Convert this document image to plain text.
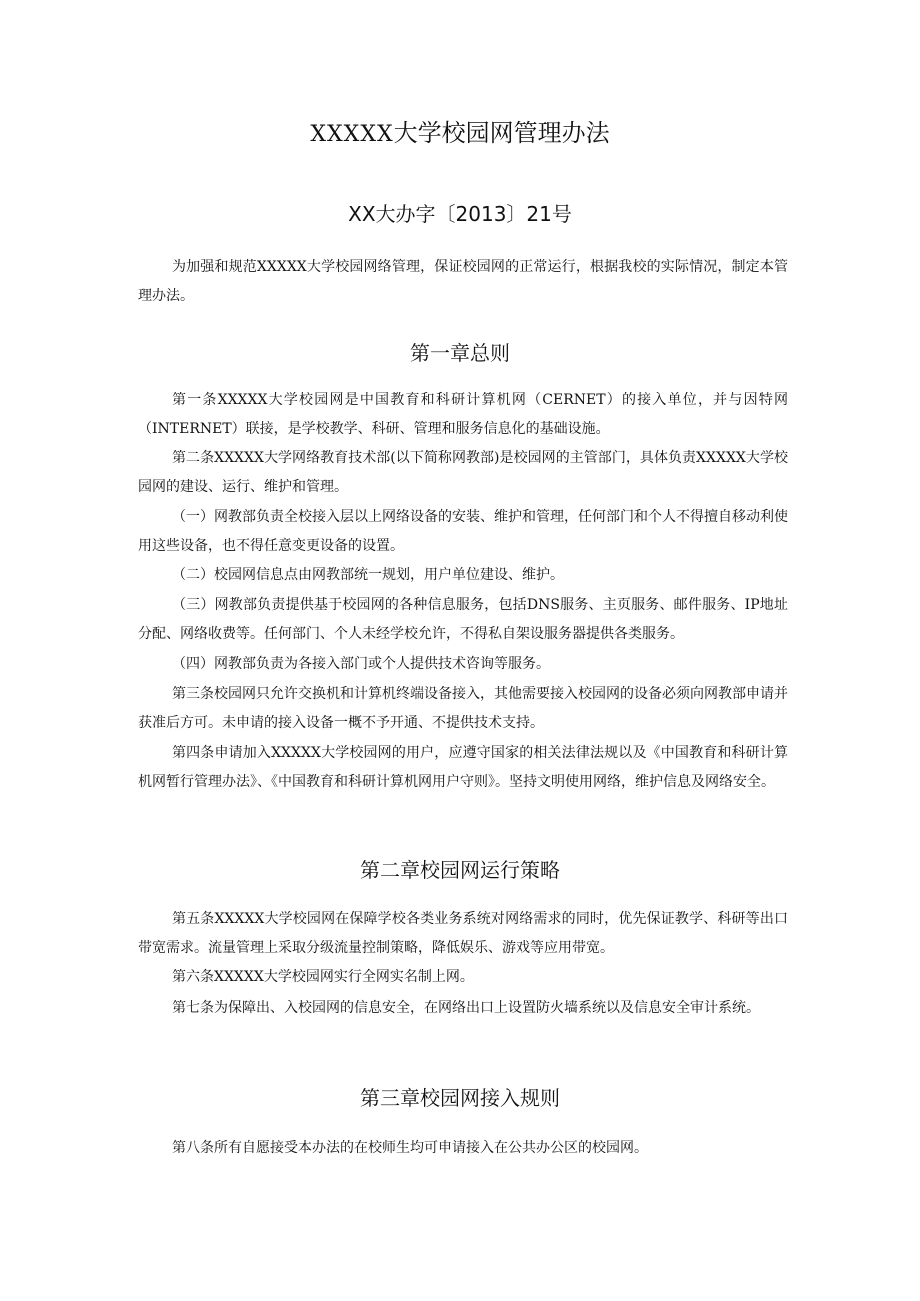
XXXXX大学校园网管理办法
XX大办字〔2013〕21号

为加强和规范XXXXX大学校园网络管理，保证校园网的正常运行，根据我校的实际情况，制定本管理办法。

第一章总则

第一条XXXXX大学校园网是中国教育和科研计算机网（CERNET）的接入单位，并与因特网（INTERNET）联接，是学校教学、科研、管理和服务信息化的基础设施。

第二条XXXXX大学网络教育技术部(以下简称网教部)是校园网的主管部门，具体负责XXXXX大学校园网的建设、运行、维护和管理。

（一）网教部负责全校接入层以上网络设备的安装、维护和管理，任何部门和个人不得擅自移动利使用这些设备，也不得任意变更设备的设置。

（二）校园网信息点由网教部统一规划，用户单位建设、维护。

（三）网教部负责提供基于校园网的各种信息服务，包括DNS服务、主页服务、邮件服务、IP地址分配、网络收费等。任何部门、个人未经学校允许，不得私自架设服务器提供各类服务。

（四）网教部负责为各接入部门或个人提供技术咨询等服务。

第三条校园网只允许交换机和计算机终端设备接入，其他需要接入校园网的设备必须向网教部申请并获准后方可。未申请的接入设备一概不予开通、不提供技术支持。

第四条申请加入XXXXX大学校园网的用户，应遵守国家的相关法律法规以及《中国教育和科研计算机网暂行管理办法》、《中国教育和科研计算机网用户守则》。坚持文明使用网络，维护信息及网络安全。

第二章校园网运行策略

第五条XXXXX大学校园网在保障学校各类业务系统对网络需求的同时，优先保证教学、科研等出口带宽需求。流量管理上采取分级流量控制策略，降低娱乐、游戏等应用带宽。

第六条XXXXX大学校园网实行全网实名制上网。

第七条为保障出、入校园网的信息安全，在网络出口上设置防火墙系统以及信息安全审计系统。

第三章校园网接入规则

第八条所有自愿接受本办法的在校师生均可申请接入在公共办公区的校园网。
